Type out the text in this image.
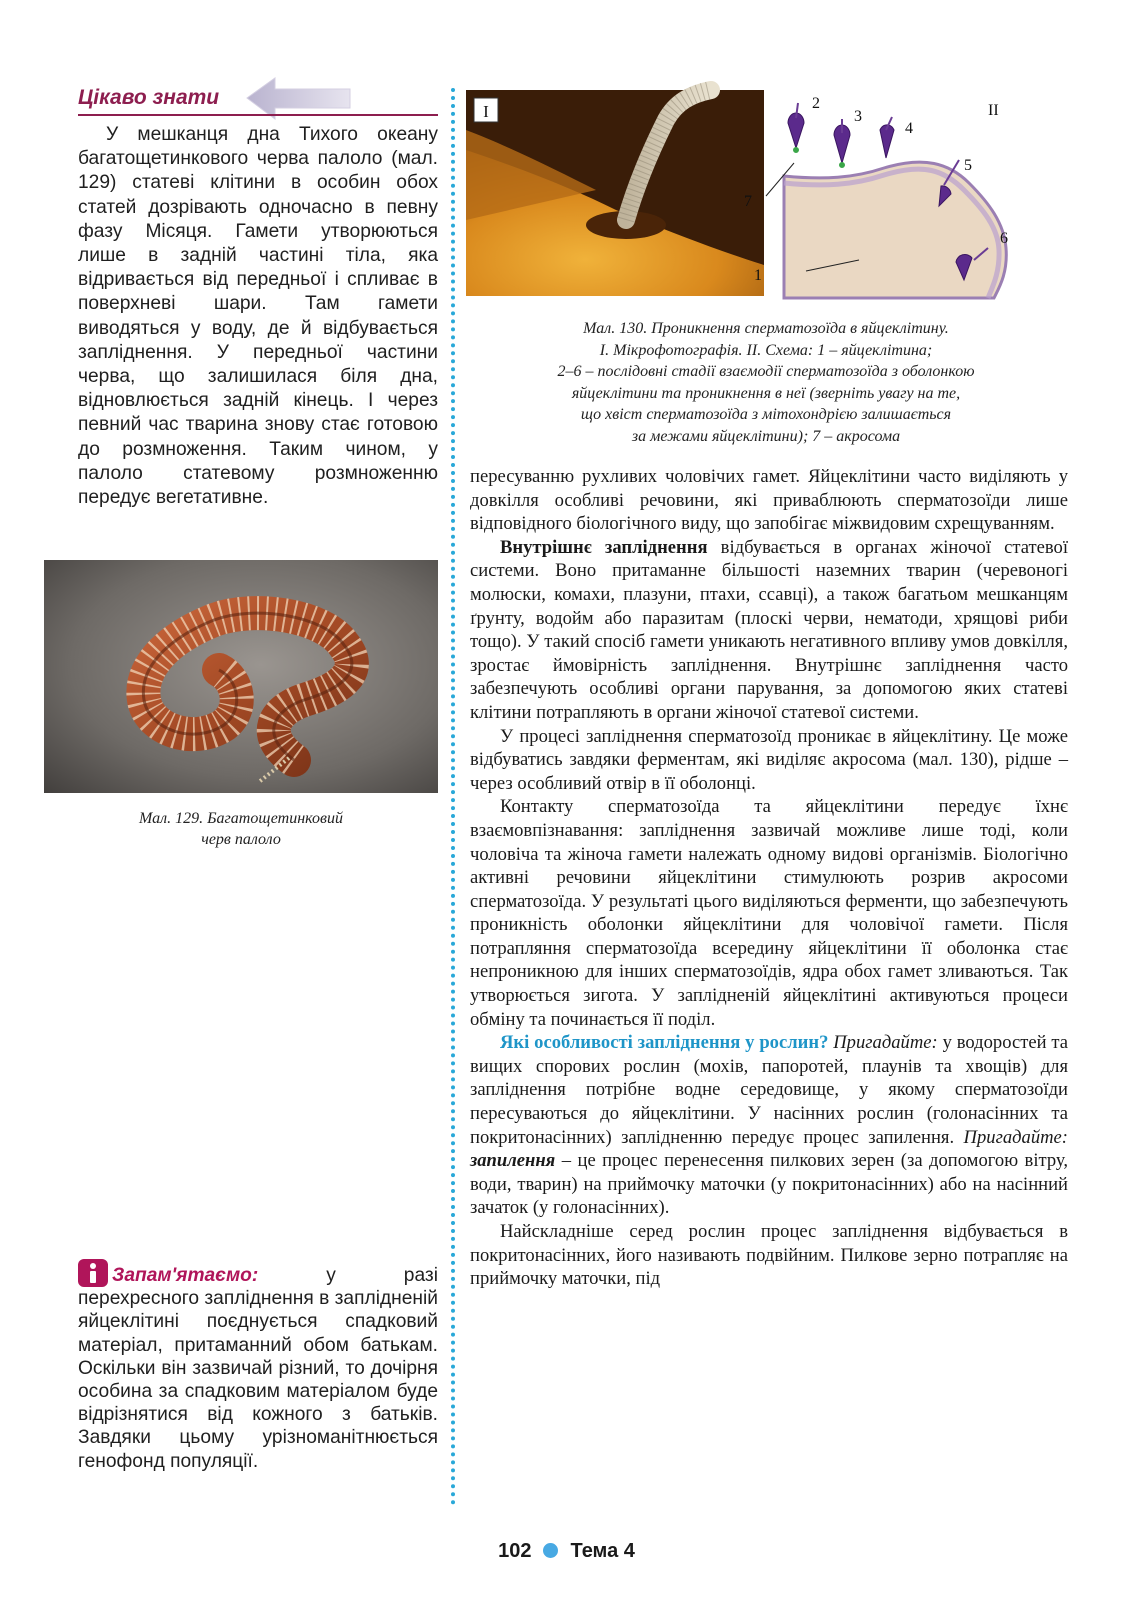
Цікаво знати

У мешканця дна Тихого океану багатощетинкового черва палоло (мал. 129) статеві клітини в особин обох статей дозрівають одночасно в певну фазу Місяця. Гамети утворюються лише в задній частині тіла, яка відривається від передньої і спливає в поверхневі шари. Там гамети виводяться у воду, де й відбувається запліднення. У передньої частини черва, що залишилася біля дна, відновлюється задній кінець. І через певний час тварина знову стає готовою до розмноження. Таким чином, у палоло статевому розмноженню передує вегетативне.

Мал. 129. Багатощетинковий
черв палоло
Запам'ятаємо: у разі перехресного запліднення в заплідненій яйцеклітині поєднується спадковий матеріал, притаманний обом батькам. Оскільки він зазвичай різний, то дочірня особина за спадковим матеріалом буде відрізнятися від кожного з батьків. Завдяки цьому урізноманітнюється генофонд популяції.
I
1
2
3
4
5
6
7
II
Мал. 130. Проникнення сперматозоїда в яйцеклітину.
І. Мікрофотографія. ІІ. Схема: 1 – яйцеклітина;
2–6 – послідовні стадії взаємодії сперматозоїда з оболонкою
яйцеклітини та проникнення в неї (зверніть увагу на те,
що хвіст сперматозоїда з мітохондрією залишається
за межами яйцеклітини); 7 – акросома

пересуванню рухливих чоловічих гамет. Яйцеклітини часто виділяють у довкілля особливі речовини, які приваблюють сперматозоїди лише відповідного біологічного виду, що запобігає міжвидовим схрещуванням.

Внутрішнє запліднення відбувається в органах жіночої статевої системи. Воно притаманне більшості наземних тварин (черевоногі молюски, комахи, плазуни, птахи, ссавці), а також багатьом мешканцям ґрунту, водойм або паразитам (плоскі черви, нематоди, хрящові риби тощо). У такий спосіб гамети уникають негативного впливу умов довкілля, зростає ймовірність запліднення. Внутрішнє запліднення часто забезпечують особливі органи парування, за допомогою яких статеві клітини потрапляють в органи жіночої статевої системи.

У процесі запліднення сперматозоїд проникає в яйцеклітину. Це може відбуватись завдяки ферментам, які виділяє акросома (мал. 130), рідше – через особливий отвір в її оболонці.

Контакту сперматозоїда та яйцеклітини передує їхнє взаємовпізнавання: запліднення зазвичай можливе лише тоді, коли чоловіча та жіноча гамети належать одному видові організмів. Біологічно активні речовини яйцеклітини стимулюють розрив акросоми сперматозоїда. У результаті цього виділяються ферменти, що забезпечують проникність оболонки яйцеклітини для чоловічої гамети. Після потрапляння сперматозоїда всередину яйцеклітини її оболонка стає непроникною для інших сперматозоїдів, ядра обох гамет зливаються. Так утворюється зигота. У заплідненій яйцеклітині активуються процеси обміну та починається її поділ.

Які особливості запліднення у рослин? Пригадайте: у водоростей та вищих спорових рослин (мохів, папоротей, плаунів та хвощів) для запліднення потрібне водне середовище, у якому сперматозоїди пересуваються до яйцеклітини. У насінних рослин (голонасінних та покритонасінних) заплідненню передує процес запилення. Пригадайте: запилення – це процес перенесення пилкових зерен (за допомогою вітру, води, тварин) на приймочку маточки (у покритонасінних) або на насінний зачаток (у голонасінних).

Найскладніше серед рослин процес запліднення відбувається в покритонасінних, його називають подвійним. Пилкове зерно потрапляє на приймочку маточки, під

102 Тема 4
